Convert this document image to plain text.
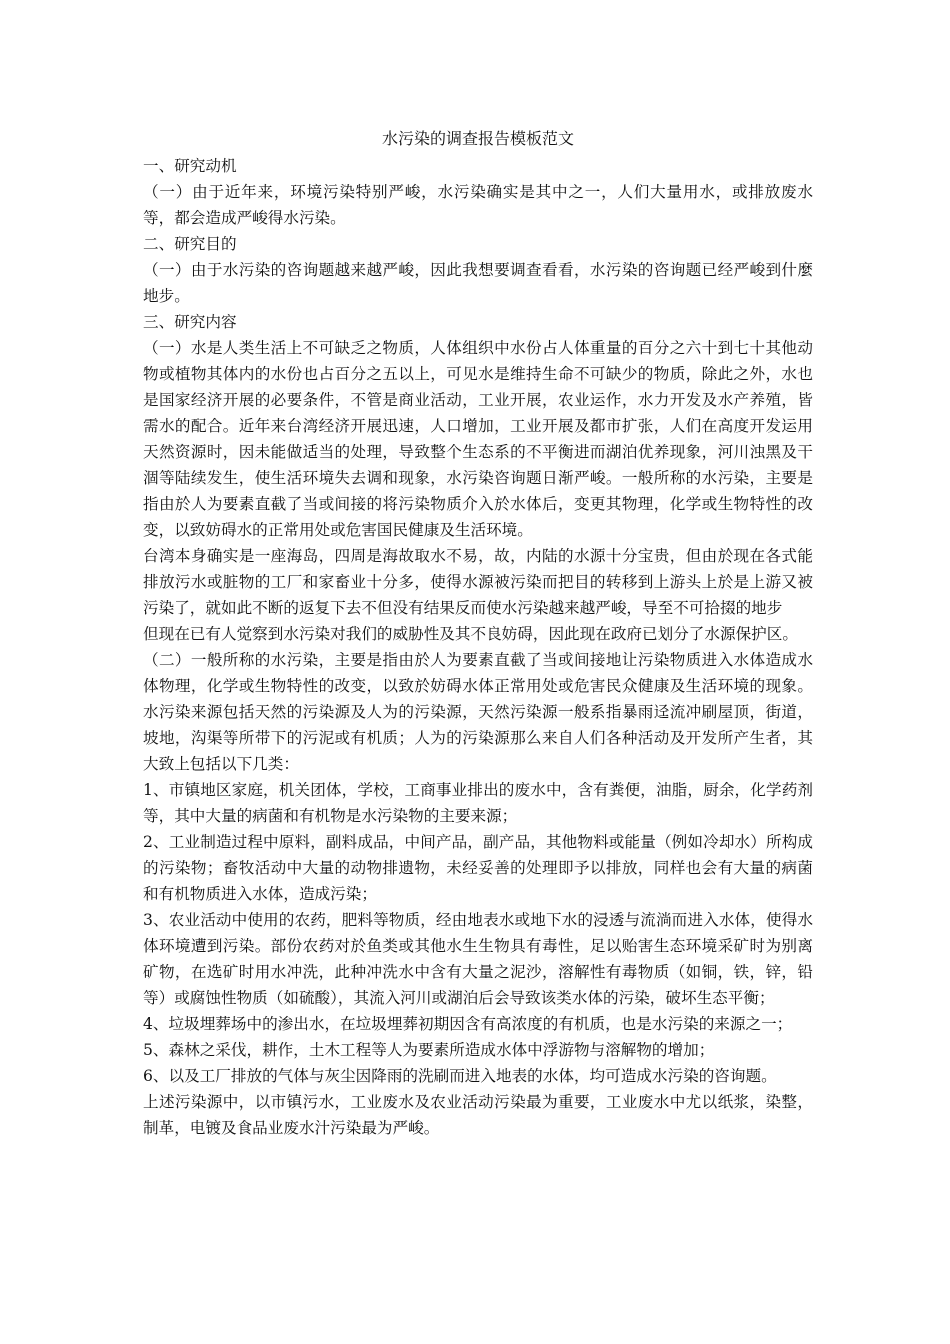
水污染的调查报告模板范文

一、研究动机

（一）由于近年来，环境污染特别严峻，水污染确实是其中之一，人们大量用水，或排放废水等，都会造成严峻得水污染。

二、研究目的

（一）由于水污染的咨询题越来越严峻，因此我想要调查看看，水污染的咨询题已经严峻到什麼地步。

三、研究内容

（一）水是人类生活上不可缺乏之物质，人体组织中水份占人体重量的百分之六十到七十其他动物或植物其体内的水份也占百分之五以上，可见水是维持生命不可缺少的物质，除此之外，水也是国家经济开展的必要条件，不管是商业活动，工业开展，农业运作，水力开发及水产养殖，皆需水的配合。近年来台湾经济开展迅速，人口增加，工业开展及都市扩张，人们在高度开发运用天然资源时，因未能做适当的处理，导致整个生态系的不平衡进而湖泊优养现象，河川浊黑及干涸等陆续发生，使生活环境失去调和现象，水污染咨询题日渐严峻。一般所称的水污染，主要是指由於人为要素直截了当或间接的将污染物质介入於水体后，变更其物理，化学或生物特性的改变，以致妨碍水的正常用处或危害国民健康及生活环境。

台湾本身确实是一座海岛，四周是海故取水不易，故，内陆的水源十分宝贵，但由於现在各式能排放污水或脏物的工厂和家畜业十分多，使得水源被污染而把目的转移到上游头上於是上游又被污染了，就如此不断的返复下去不但没有结果反而使水污染越来越严峻，导至不可拾掇的地步

但现在已有人觉察到水污染对我们的威胁性及其不良妨碍，因此现在政府已划分了水源保护区。

（二）一般所称的水污染，主要是指由於人为要素直截了当或间接地让污染物质进入水体造成水体物理，化学或生物特性的改变，以致於妨碍水体正常用处或危害民众健康及生活环境的现象。水污染来源包括天然的污染源及人为的污染源，天然污染源一般系指暴雨迳流冲刷屋顶，街道，坡地，沟渠等所带下的污泥或有机质；人为的污染源那么来自人们各种活动及开发所产生者，其大致上包括以下几类：

1、市镇地区家庭，机关团体，学校，工商事业排出的废水中，含有粪便，油脂，厨余，化学药剂等，其中大量的病菌和有机物是水污染物的主要来源；

2、工业制造过程中原料，副料成品，中间产品，副产品，其他物料或能量（例如冷却水）所构成的污染物；畜牧活动中大量的动物排遗物，未经妥善的处理即予以排放，同样也会有大量的病菌和有机物质进入水体，造成污染；

3、农业活动中使用的农药，肥料等物质，经由地表水或地下水的浸透与流淌而进入水体，使得水体环境遭到污染。部份农药对於鱼类或其他水生生物具有毒性，足以贻害生态环境采矿时为别离矿物，在选矿时用水冲洗，此种冲洗水中含有大量之泥沙，溶解性有毒物质（如铜，铁，锌，铅等）或腐蚀性物质（如硫酸），其流入河川或湖泊后会导致该类水体的污染，破坏生态平衡；

4、垃圾埋葬场中的渗出水，在垃圾埋葬初期因含有高浓度的有机质，也是水污染的来源之一；

5、森林之采伐，耕作，土木工程等人为要素所造成水体中浮游物与溶解物的增加；

6、以及工厂排放的气体与灰尘因降雨的洗刷而进入地表的水体，均可造成水污染的咨询题。

上述污染源中，以市镇污水，工业废水及农业活动污染最为重要，工业废水中尤以纸浆，染整，制革，电镀及食品业废水汁污染最为严峻。
